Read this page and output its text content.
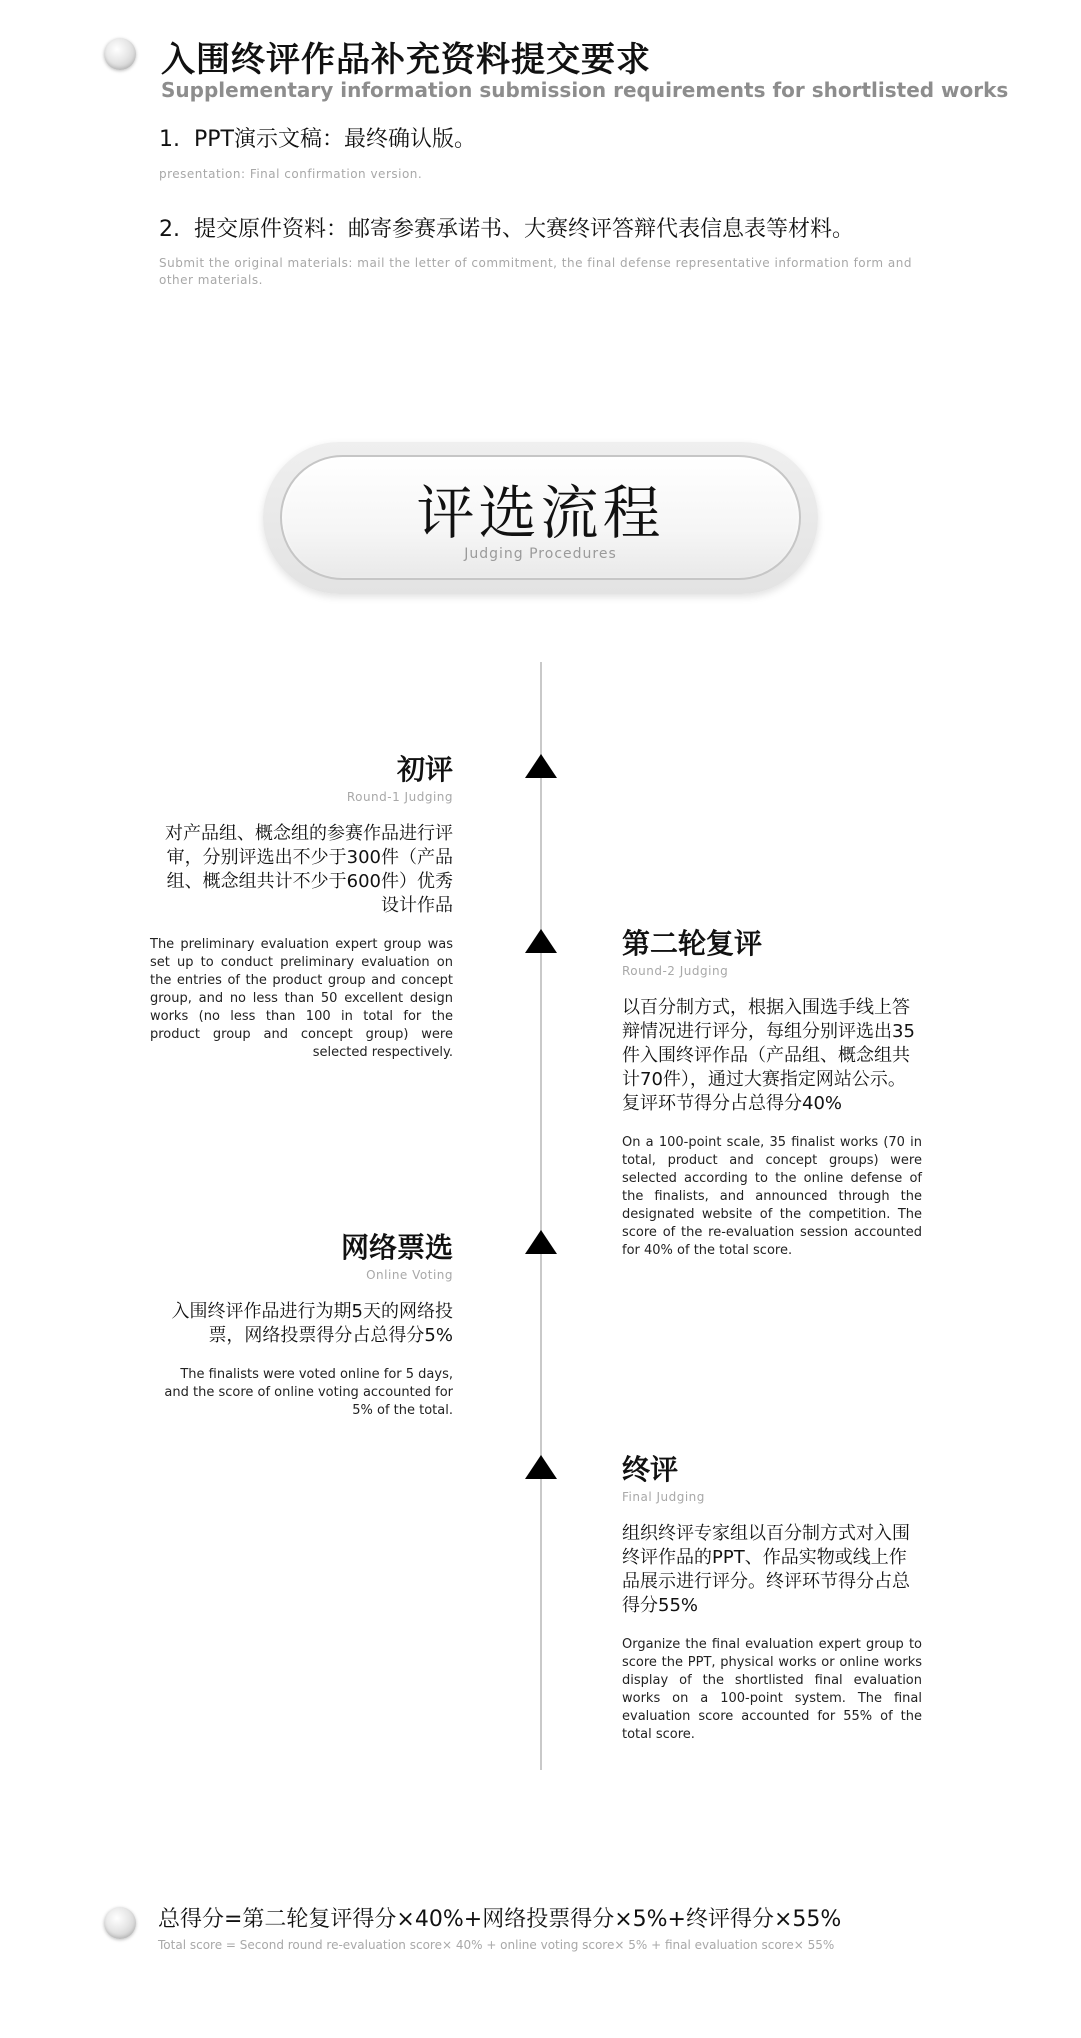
入围终评作品补充资料提交要求
Supplementary information submission requirements for shortlisted works
1. PPT演示文稿：最终确认版。
presentation: Final confirmation version.
2. 提交原件资料：邮寄参赛承诺书、大赛终评答辩代表信息表等材料。
Submit the original materials: mail the letter of commitment, the final defense representative information form and other materials.
评选流程
Judging Procedures
初评
Round-1 Judging
对产品组、概念组的参赛作品进行评审，分别评选出不少于300件（产品组、概念组共计不少于600件）优秀设计作品
The preliminary evaluation expert group was set up to conduct preliminary evaluation on the entries of the product group and concept group, and no less than 50 excellent design works (no less than 100 in total for the product group and concept group) were selected respectively.
第二轮复评
Round-2 Judging
以百分制方式，根据入围选手线上答辩情况进行评分，每组分别评选出35件入围终评作品（产品组、概念组共计70件），通过大赛指定网站公示。复评环节得分占总得分40%
On a 100-point scale, 35 finalist works (70 in total, product and concept groups) were selected according to the online defense of the finalists, and announced through the designated website of the competition. The score of the re-evaluation session accounted for 40% of the total score.
网络票选
Online Voting
入围终评作品进行为期5天的网络投票，网络投票得分占总得分5%
The finalists were voted online for 5 days, and the score of online voting accounted for 5% of the total.
终评
Final Judging
组织终评专家组以百分制方式对入围终评作品的PPT、作品实物或线上作品展示进行评分。终评环节得分占总得分55%
Organize the final evaluation expert group to score the PPT, physical works or online works display of the shortlisted final evaluation works on a 100-point system. The final evaluation score accounted for 55% of the total score.
总得分=第二轮复评得分×40%+网络投票得分×5%+终评得分×55%
Total score = Second round re-evaluation score× 40% + online voting score× 5% + final evaluation score× 55%
